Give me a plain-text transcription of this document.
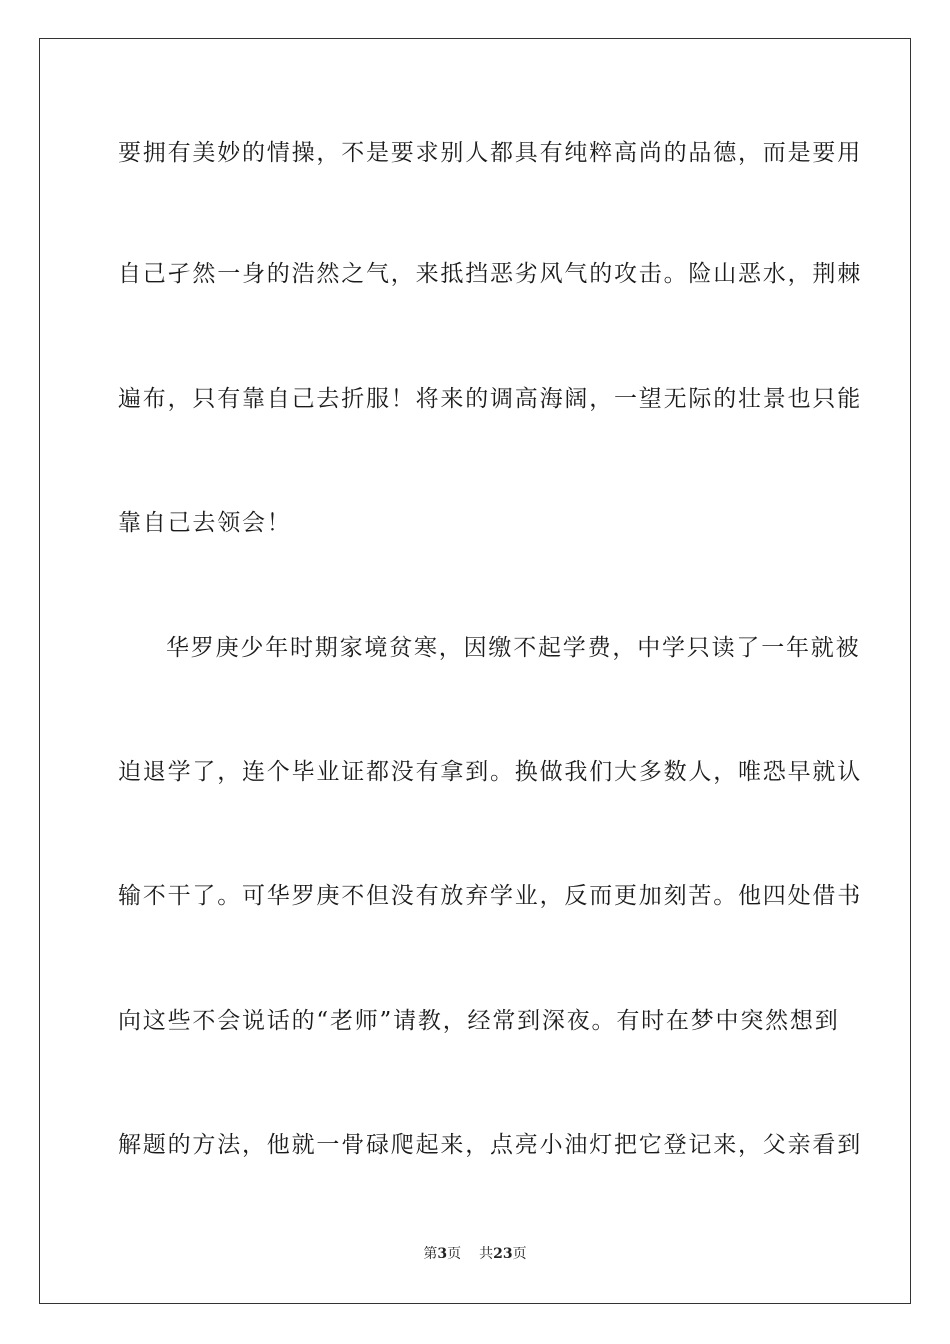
要拥有美妙的情操，不是要求别人都具有纯粹高尚的品德，而是要用
自己孑然一身的浩然之气，来抵挡恶劣风气的攻击。险山恶水，荆棘
遍布，只有靠自己去折服！将来的调高海阔，一望无际的壮景也只能
靠自己去领会！
华罗庚少年时期家境贫寒，因缴不起学费，中学只读了一年就被
迫退学了，连个毕业证都没有拿到。换做我们大多数人，唯恐早就认
输不干了。可华罗庚不但没有放弃学业，反而更加刻苦。他四处借书
向这些不会说话的“老师”请教，经常到深夜。有时在梦中突然想到
解题的方法，他就一骨碌爬起来，点亮小油灯把它登记来，父亲看到
第3页 共23页
